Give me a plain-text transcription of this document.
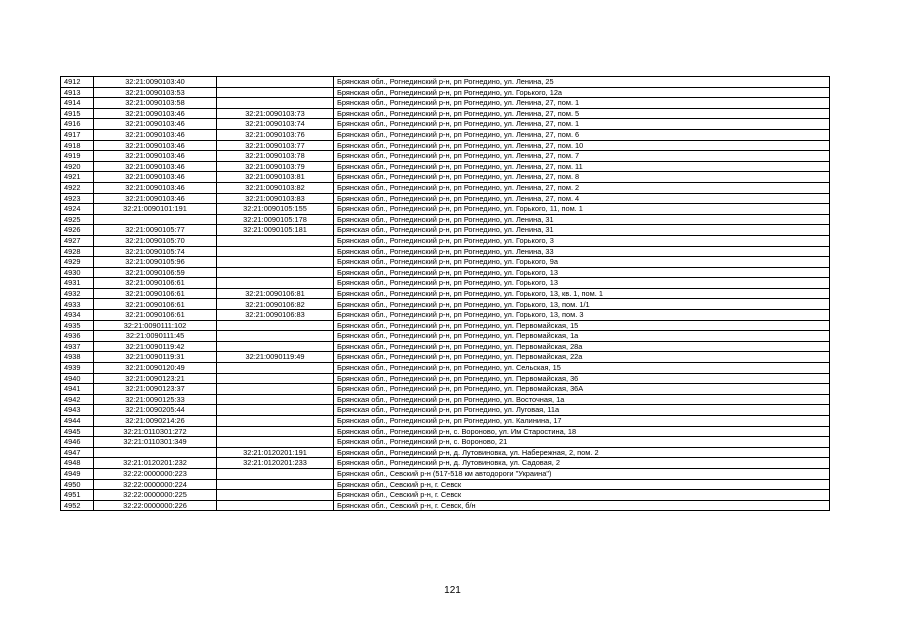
4912	32:21:0090103:40		Брянская обл., Рогнединский р-н, рп Рогнедино, ул. Ленина, 25
4913	32:21:0090103:53		Брянская обл., Рогнединский р-н, рп Рогнедино, ул. Горького, 12а
4914	32:21:0090103:58		Брянская обл., Рогнединский р-н, рп Рогнедино, ул. Ленина, 27, пом. 1
4915	32:21:0090103:46	32:21:0090103:73	Брянская обл., Рогнединский р-н, рп Рогнедино, ул. Ленина, 27, пом. 5
4916	32:21:0090103:46	32:21:0090103:74	Брянская обл., Рогнединский р-н, рп Рогнедино, ул. Ленина, 27, пом. 1
4917	32:21:0090103:46	32:21:0090103:76	Брянская обл., Рогнединский р-н, рп Рогнедино, ул. Ленина, 27, пом. 6
4918	32:21:0090103:46	32:21:0090103:77	Брянская обл., Рогнединский р-н, рп Рогнедино, ул. Ленина, 27, пом. 10
4919	32:21:0090103:46	32:21:0090103:78	Брянская обл., Рогнединский р-н, рп Рогнедино, ул. Ленина, 27, пом. 7
4920	32:21:0090103:46	32:21:0090103:79	Брянская обл., Рогнединский р-н, рп Рогнедино, ул. Ленина, 27, пом. 11
4921	32:21:0090103:46	32:21:0090103:81	Брянская обл., Рогнединский р-н, рп Рогнедино, ул. Ленина, 27, пом. 8
4922	32:21:0090103:46	32:21:0090103:82	Брянская обл., Рогнединский р-н, рп Рогнедино, ул. Ленина, 27, пом. 2
4923	32:21:0090103:46	32:21:0090103:83	Брянская обл., Рогнединский р-н, рп Рогнедино, ул. Ленина, 27, пом. 4
4924	32:21:0090101:191	32:21:0090105:155	Брянская обл., Рогнединский р-н, рп Рогнедино, ул. Горького, 11, пом. 1
4925		32:21:0090105:178	Брянская обл., Рогнединский р-н, рп Рогнедино, ул. Ленина, 31
4926	32:21:0090105:77	32:21:0090105:181	Брянская обл., Рогнединский р-н, рп Рогнедино, ул. Ленина, 31
4927	32:21:0090105:70		Брянская обл., Рогнединский р-н, рп Рогнедино, ул. Горького, 3
4928	32:21:0090105:74		Брянская обл., Рогнединский р-н, рп Рогнедино, ул. Ленина, 33
4929	32:21:0090105:96		Брянская обл., Рогнединский р-н, рп Рогнедино, ул. Горького, 9а
4930	32:21:0090106:59		Брянская обл., Рогнединский р-н, рп Рогнедино, ул. Горького, 13
4931	32:21:0090106:61		Брянская обл., Рогнединский р-н, рп Рогнедино, ул. Горького, 13
4932	32:21:0090106:61	32:21:0090106:81	Брянская обл., Рогнединский р-н, рп Рогнедино, ул. Горького, 13, кв. 1, пом. 1
4933	32:21:0090106:61	32:21:0090106:82	Брянская обл., Рогнединский р-н, рп Рогнедино, ул. Горького, 13, пом. 1/1
4934	32:21:0090106:61	32:21:0090106:83	Брянская обл., Рогнединский р-н, рп Рогнедино, ул. Горького, 13, пом. 3
4935	32:21:0090111:102		Брянская обл., Рогнединский р-н, рп Рогнедино, ул. Первомайская, 15
4936	32:21:0090111:45		Брянская обл., Рогнединский р-н, рп Рогнедино, ул. Первомайская, 1а
4937	32:21:0090119:42		Брянская обл., Рогнединский р-н, рп Рогнедино, ул. Первомайская, 28а
4938	32:21:0090119:31	32:21:0090119:49	Брянская обл., Рогнединский р-н, рп Рогнедино, ул. Первомайская, 22а
4939	32:21:0090120:49		Брянская обл., Рогнединский р-н, рп Рогнедино, ул. Сельская, 15
4940	32:21:0090123:21		Брянская обл., Рогнединский р-н, рп Рогнедино, ул. Первомайская, 36
4941	32:21:0090123:37		Брянская обл., Рогнединский р-н, рп Рогнедино, ул. Первомайская, 36А
4942	32:21:0090125:33		Брянская обл., Рогнединский р-н, рп Рогнедино, ул. Восточная, 1а
4943	32:21:0090205:44		Брянская обл., Рогнединский р-н, рп Рогнедино, ул. Луговая, 11а
4944	32:21:0090214:26		Брянская обл., Рогнединский р-н, рп Рогнедино, ул. Калинина, 17
4945	32:21:0110301:272		Брянская обл., Рогнединский р-н, с. Вороново, ул. Им Старостина, 18
4946	32:21:0110301:349		Брянская обл., Рогнединский р-н, с. Вороново, 21
4947		32:21:0120201:191	Брянская обл., Рогнединский р-н, д. Лутовиновка, ул. Набережная, 2, пом. 2
4948	32:21:0120201:232	32:21:0120201:233	Брянская обл., Рогнединский р-н, д. Лутовиновка, ул. Садовая, 2
4949	32:22:0000000:223		Брянская обл., Севский р-н (517-518 км автодороги "Украина")
4950	32:22:0000000:224		Брянская обл., Севский р-н, г. Севск
4951	32:22:0000000:225		Брянская обл., Севский р-н, г. Севск
4952	32:22:0000000:226		Брянская обл., Севский р-н, г. Севск, б/н
121
